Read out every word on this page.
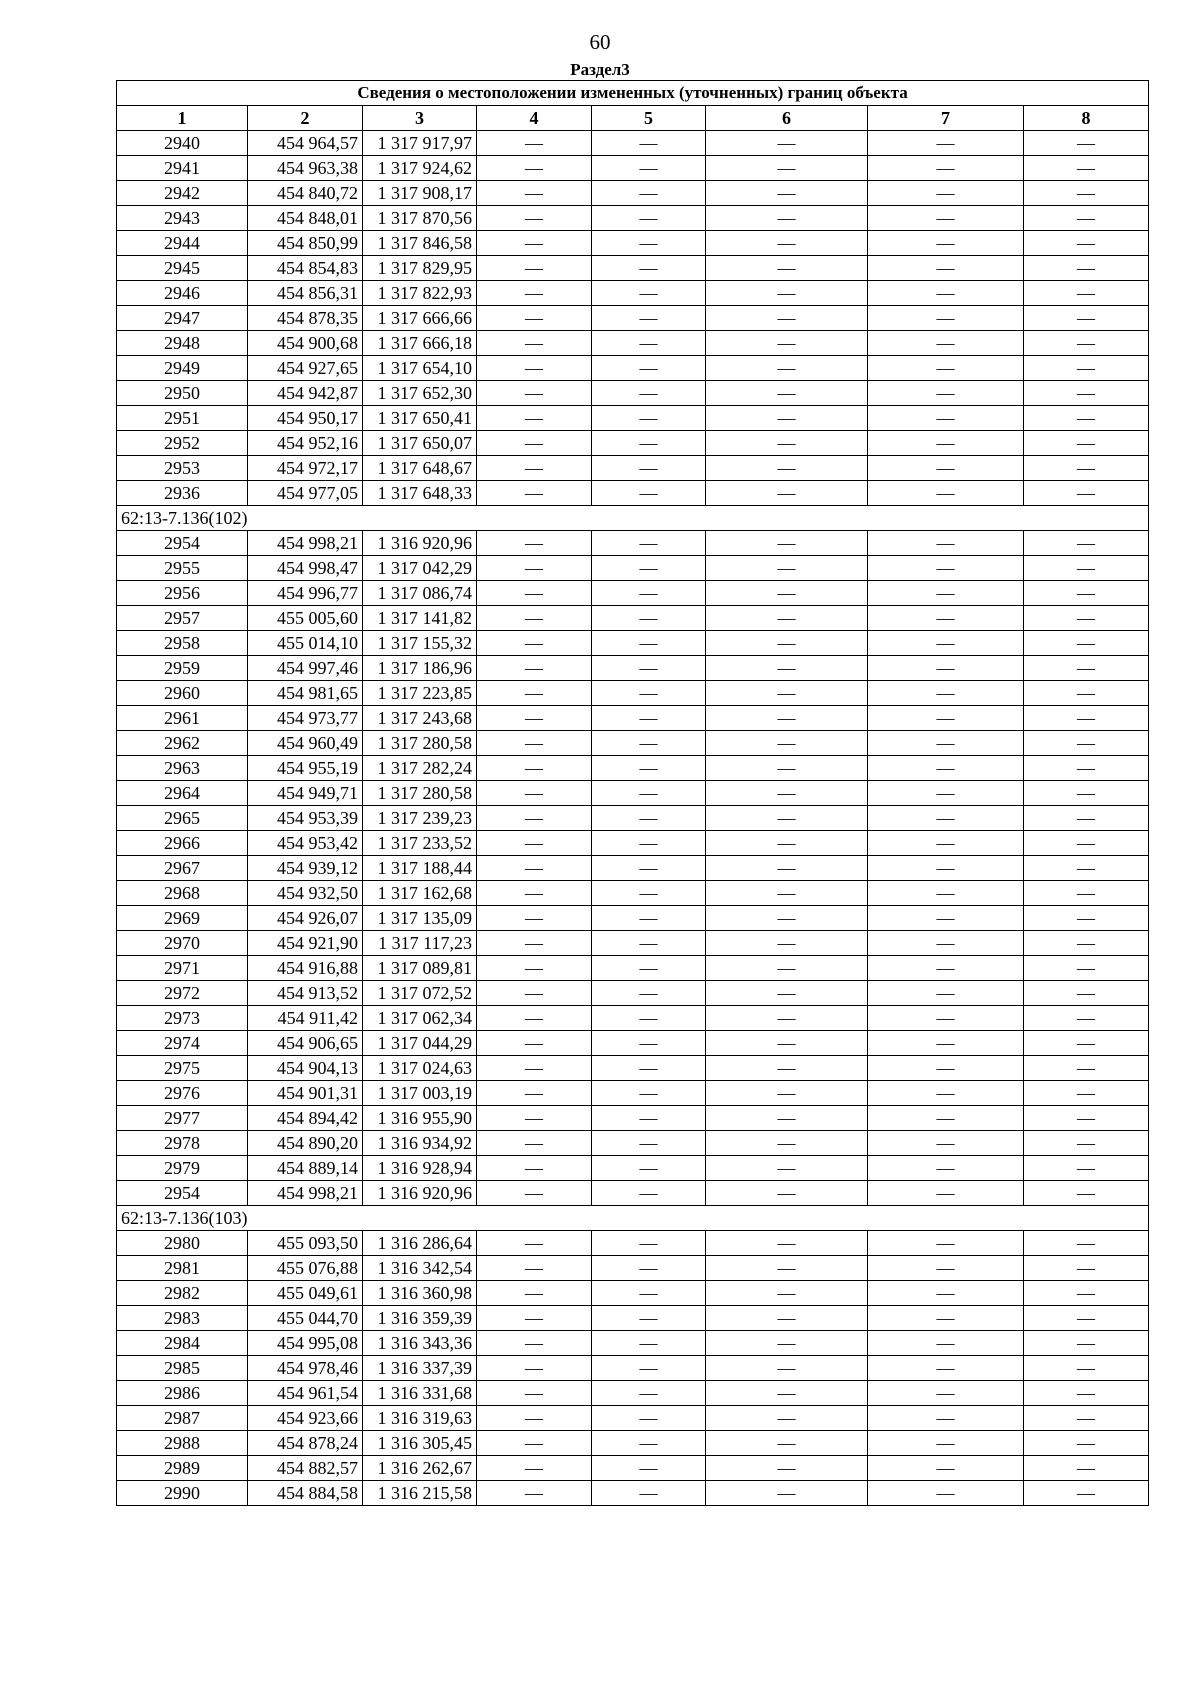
60
Раздел3
Сведения о местоположении измененных (уточненных) границ объекта							
1	2	3	4	5	6	7	8
2940	454 964,57	1 317 917,97	—	—	—	—	—
2941	454 963,38	1 317 924,62	—	—	—	—	—
2942	454 840,72	1 317 908,17	—	—	—	—	—
2943	454 848,01	1 317 870,56	—	—	—	—	—
2944	454 850,99	1 317 846,58	—	—	—	—	—
2945	454 854,83	1 317 829,95	—	—	—	—	—
2946	454 856,31	1 317 822,93	—	—	—	—	—
2947	454 878,35	1 317 666,66	—	—	—	—	—
2948	454 900,68	1 317 666,18	—	—	—	—	—
2949	454 927,65	1 317 654,10	—	—	—	—	—
2950	454 942,87	1 317 652,30	—	—	—	—	—
2951	454 950,17	1 317 650,41	—	—	—	—	—
2952	454 952,16	1 317 650,07	—	—	—	—	—
2953	454 972,17	1 317 648,67	—	—	—	—	—
2936	454 977,05	1 317 648,33	—	—	—	—	—
62:13-7.136(102)							
2954	454 998,21	1 316 920,96	—	—	—	—	—
2955	454 998,47	1 317 042,29	—	—	—	—	—
2956	454 996,77	1 317 086,74	—	—	—	—	—
2957	455 005,60	1 317 141,82	—	—	—	—	—
2958	455 014,10	1 317 155,32	—	—	—	—	—
2959	454 997,46	1 317 186,96	—	—	—	—	—
2960	454 981,65	1 317 223,85	—	—	—	—	—
2961	454 973,77	1 317 243,68	—	—	—	—	—
2962	454 960,49	1 317 280,58	—	—	—	—	—
2963	454 955,19	1 317 282,24	—	—	—	—	—
2964	454 949,71	1 317 280,58	—	—	—	—	—
2965	454 953,39	1 317 239,23	—	—	—	—	—
2966	454 953,42	1 317 233,52	—	—	—	—	—
2967	454 939,12	1 317 188,44	—	—	—	—	—
2968	454 932,50	1 317 162,68	—	—	—	—	—
2969	454 926,07	1 317 135,09	—	—	—	—	—
2970	454 921,90	1 317 117,23	—	—	—	—	—
2971	454 916,88	1 317 089,81	—	—	—	—	—
2972	454 913,52	1 317 072,52	—	—	—	—	—
2973	454 911,42	1 317 062,34	—	—	—	—	—
2974	454 906,65	1 317 044,29	—	—	—	—	—
2975	454 904,13	1 317 024,63	—	—	—	—	—
2976	454 901,31	1 317 003,19	—	—	—	—	—
2977	454 894,42	1 316 955,90	—	—	—	—	—
2978	454 890,20	1 316 934,92	—	—	—	—	—
2979	454 889,14	1 316 928,94	—	—	—	—	—
2954	454 998,21	1 316 920,96	—	—	—	—	—
62:13-7.136(103)							
2980	455 093,50	1 316 286,64	—	—	—	—	—
2981	455 076,88	1 316 342,54	—	—	—	—	—
2982	455 049,61	1 316 360,98	—	—	—	—	—
2983	455 044,70	1 316 359,39	—	—	—	—	—
2984	454 995,08	1 316 343,36	—	—	—	—	—
2985	454 978,46	1 316 337,39	—	—	—	—	—
2986	454 961,54	1 316 331,68	—	—	—	—	—
2987	454 923,66	1 316 319,63	—	—	—	—	—
2988	454 878,24	1 316 305,45	—	—	—	—	—
2989	454 882,57	1 316 262,67	—	—	—	—	—
2990	454 884,58	1 316 215,58	—	—	—	—	—
